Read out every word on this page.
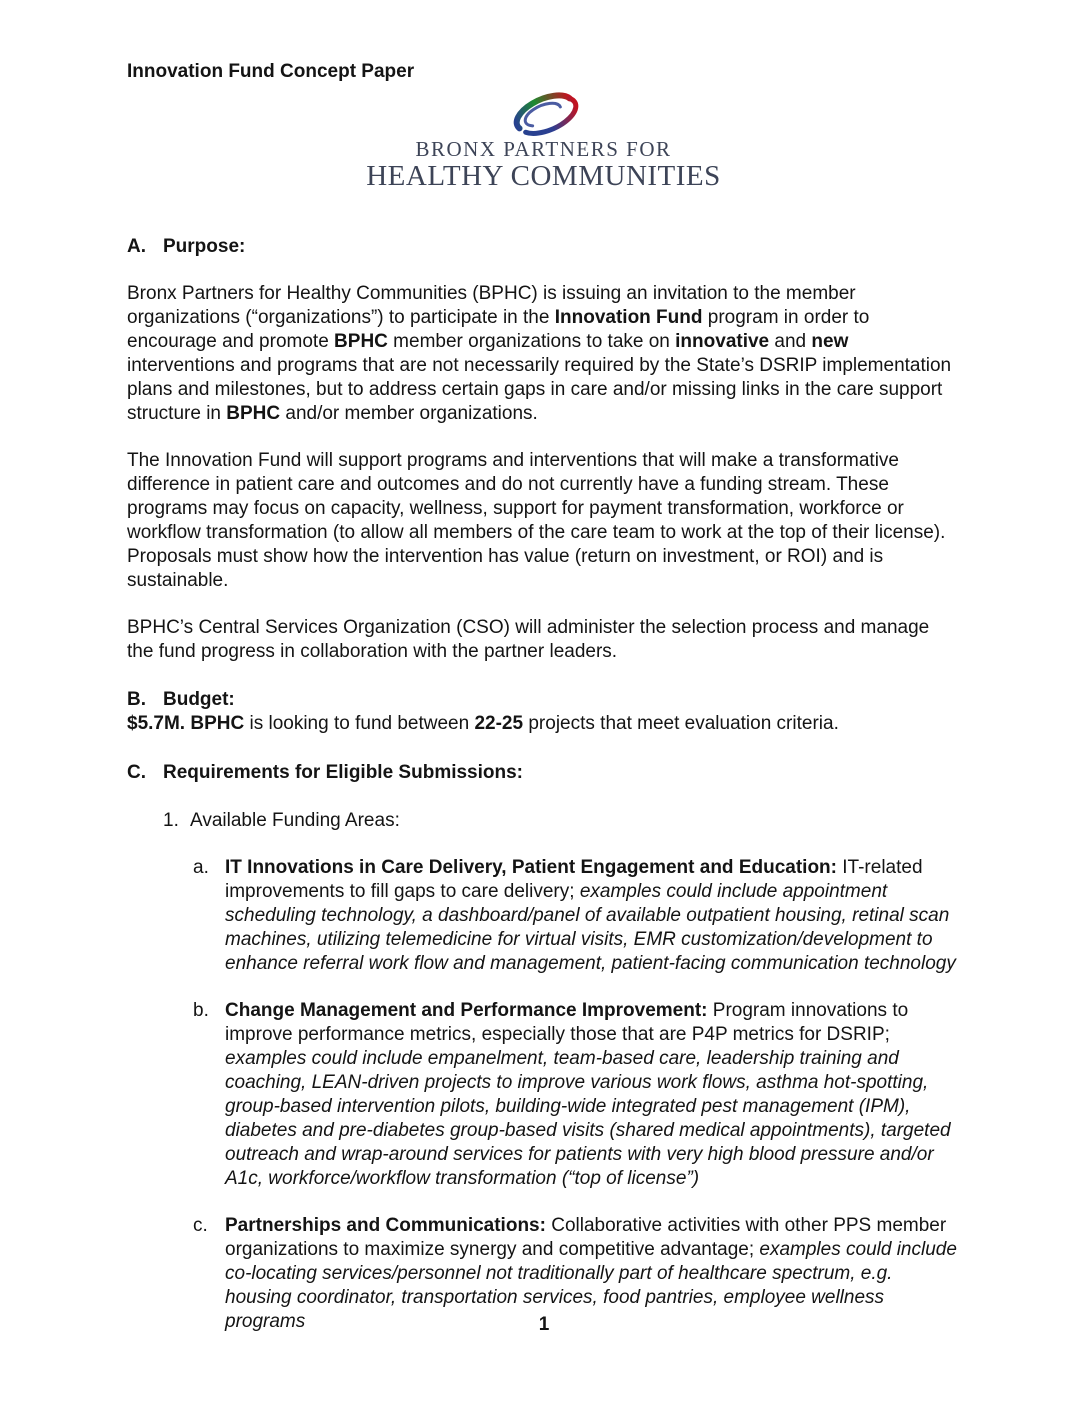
Innovation Fund Concept Paper
BRONX PARTNERS FOR
HEALTHY COMMUNITIES
A. Purpose:
Bronx Partners for Healthy Communities (BPHC) is issuing an invitation to the member organizations (“organizations”) to participate in the Innovation Fund program in order to encourage and promote BPHC member organizations to take on innovative and new interventions and programs that are not necessarily required by the State’s DSRIP implementation plans and milestones, but to address certain gaps in care and/or missing links in the care support structure in BPHC and/or member organizations.
The Innovation Fund will support programs and interventions that will make a transformative difference in patient care and outcomes and do not currently have a funding stream. These programs may focus on capacity, wellness, support for payment transformation, workforce or workflow transformation (to allow all members of the care team to work at the top of their license). Proposals must show how the intervention has value (return on investment, or ROI) and is sustainable.
BPHC’s Central Services Organization (CSO) will administer the selection process and manage the fund progress in collaboration with the partner leaders.
B. Budget:
$5.7M. BPHC is looking to fund between 22-25 projects that meet evaluation criteria.
C. Requirements for Eligible Submissions:
1. Available Funding Areas:
a. IT Innovations in Care Delivery, Patient Engagement and Education: IT-related improvements to fill gaps to care delivery; examples could include appointment scheduling technology, a dashboard/panel of available outpatient housing, retinal scan machines, utilizing telemedicine for virtual visits, EMR customization/development to enhance referral work flow and management, patient-facing communication technology
b. Change Management and Performance Improvement: Program innovations to improve performance metrics, especially those that are P4P metrics for DSRIP; examples could include empanelment, team-based care, leadership training and coaching, LEAN-driven projects to improve various work flows, asthma hot-spotting, group-based intervention pilots, building-wide integrated pest management (IPM), diabetes and pre-diabetes group-based visits (shared medical appointments), targeted outreach and wrap-around services for patients with very high blood pressure and/or A1c, workforce/workflow transformation (“top of license”)
c. Partnerships and Communications: Collaborative activities with other PPS member organizations to maximize synergy and competitive advantage; examples could include co-locating services/personnel not traditionally part of healthcare spectrum, e.g. housing coordinator, transportation services, food pantries, employee wellness programs	1
